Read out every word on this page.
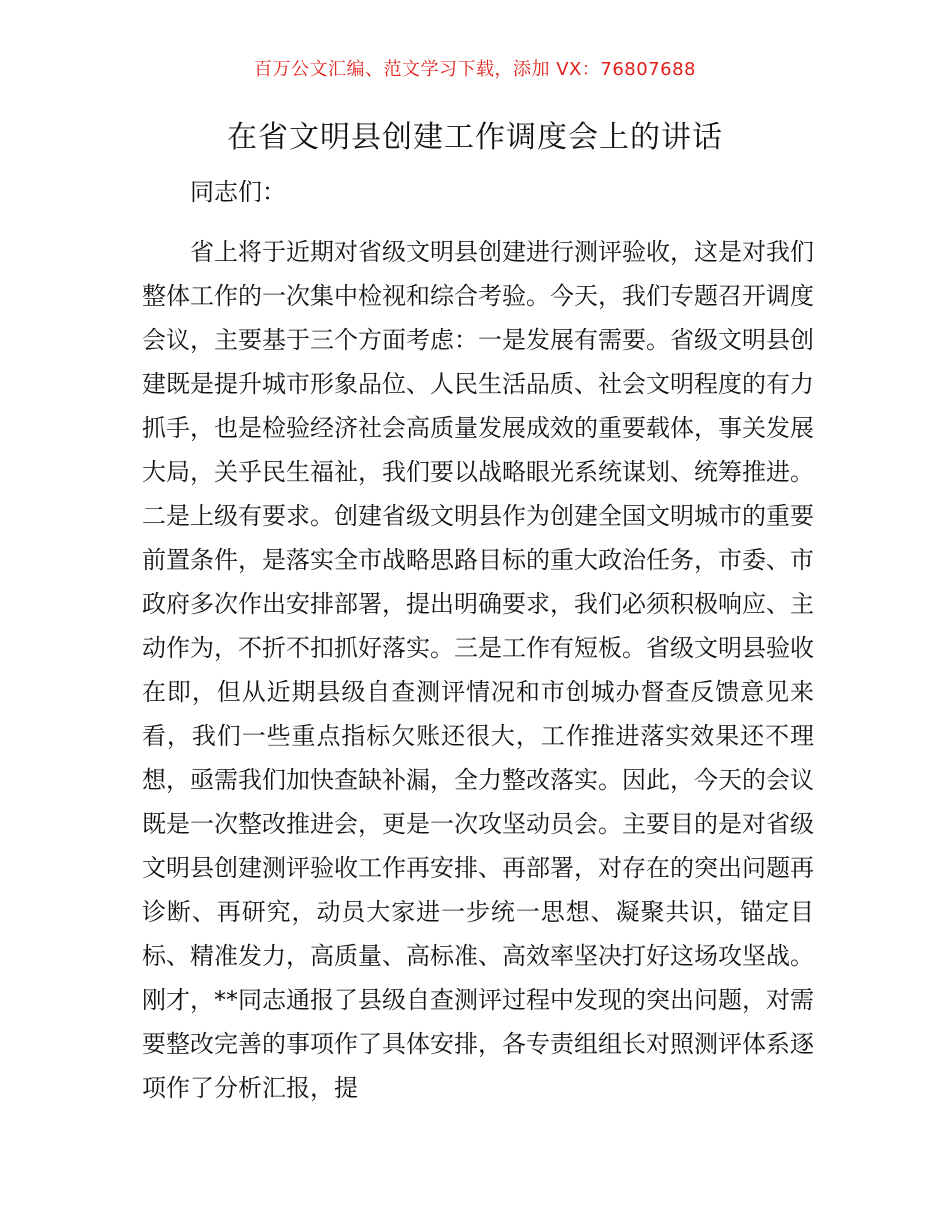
百万公文汇编、范文学习下载，添加 VX：76807688
在省文明县创建工作调度会上的讲话
同志们：

省上将于近期对省级文明县创建进行测评验收，这是对我们整体工作的一次集中检视和综合考验。今天，我们专题召开调度会议，主要基于三个方面考虑：一是发展有需要。省级文明县创建既是提升城市形象品位、人民生活品质、社会文明程度的有力抓手，也是检验经济社会高质量发展成效的重要载体，事关发展大局，关乎民生福祉，我们要以战略眼光系统谋划、统筹推进。二是上级有要求。创建省级文明县作为创建全国文明城市的重要前置条件，是落实全市战略思路目标的重大政治任务，市委、市政府多次作出安排部署，提出明确要求，我们必须积极响应、主动作为，不折不扣抓好落实。三是工作有短板。省级文明县验收在即，但从近期县级自查测评情况和市创城办督查反馈意见来看，我们一些重点指标欠账还很大，工作推进落实效果还不理想，亟需我们加快查缺补漏，全力整改落实。因此，今天的会议既是一次整改推进会，更是一次攻坚动员会。主要目的是对省级文明县创建测评验收工作再安排、再部署，对存在的突出问题再诊断、再研究，动员大家进一步统一思想、凝聚共识，锚定目标、精准发力，高质量、高标准、高效率坚决打好这场攻坚战。刚才，**同志通报了县级自查测评过程中发现的突出问题，对需要整改完善的事项作了具体安排，各专责组组长对照测评体系逐项作了分析汇报，提
